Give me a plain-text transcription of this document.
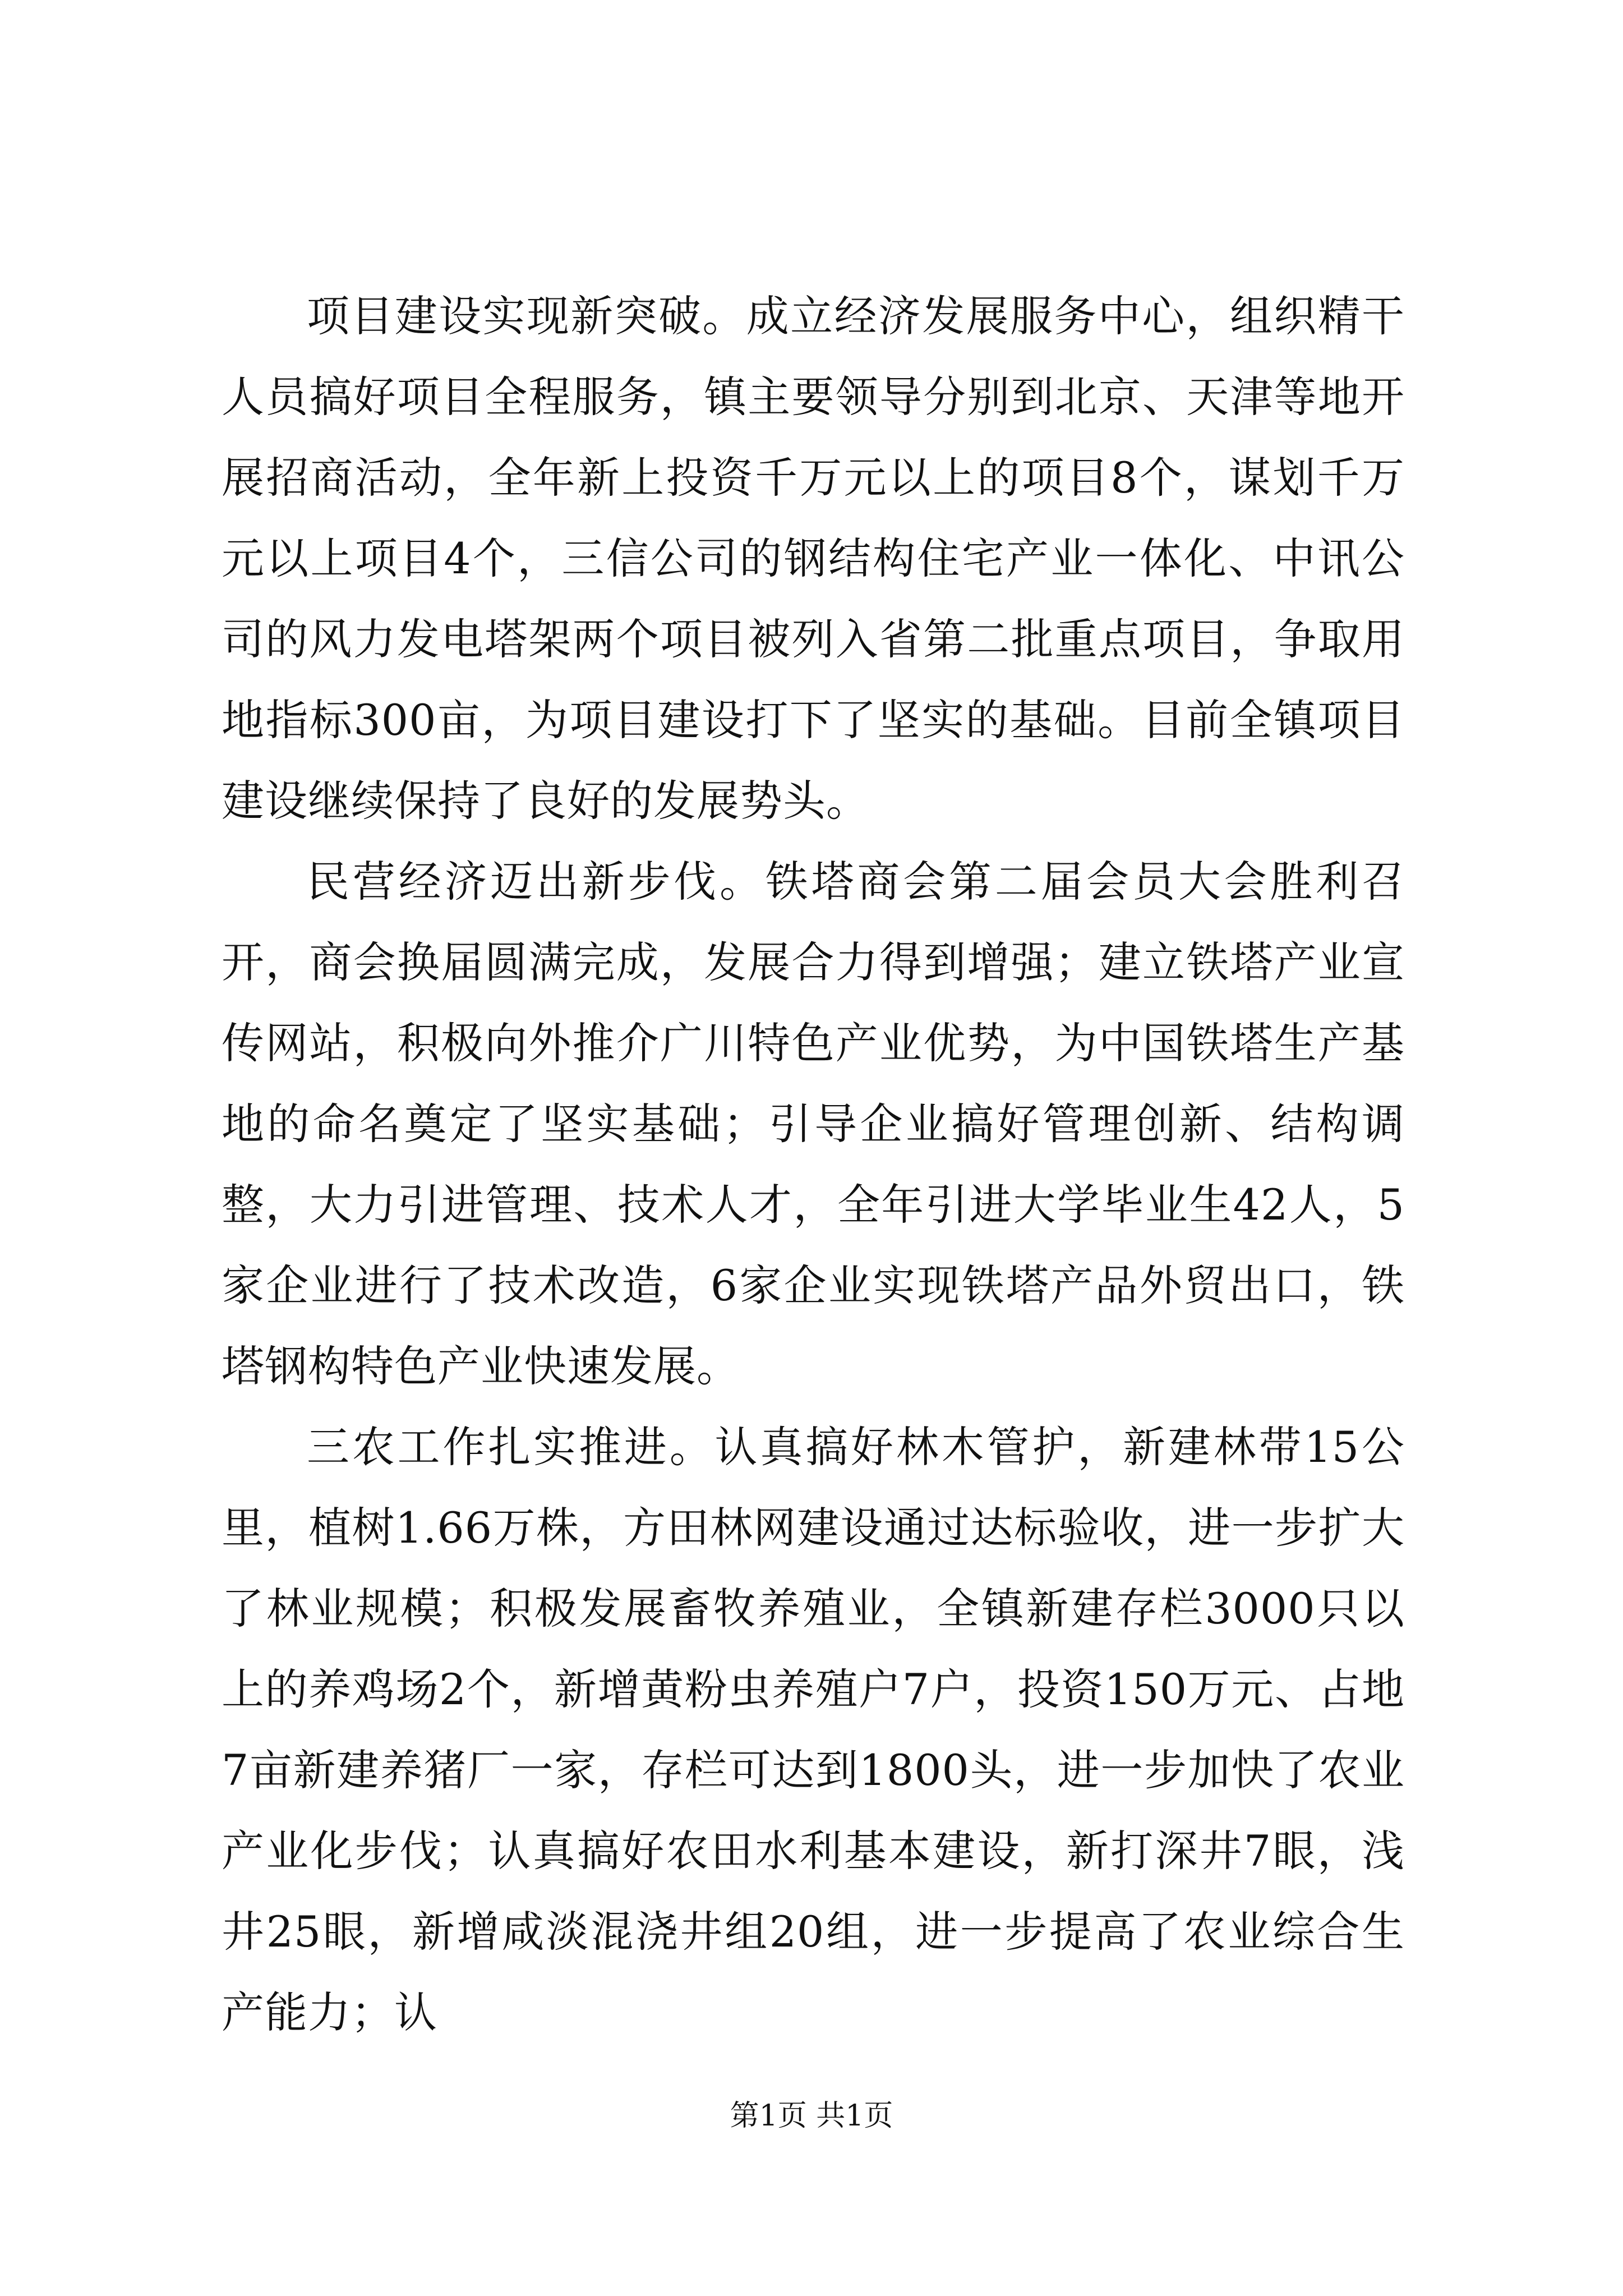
项目建设实现新突破。成立经济发展服务中心，组织精干人员搞好项目全程服务，镇主要领导分别到北京、天津等地开展招商活动，全年新上投资千万元以上的项目8个，谋划千万元以上项目4个，三信公司的钢结构住宅产业一体化、中讯公司的风力发电塔架两个项目被列入省第二批重点项目，争取用地指标300亩，为项目建设打下了坚实的基础。目前全镇项目建设继续保持了良好的发展势头。

民营经济迈出新步伐。铁塔商会第二届会员大会胜利召开，商会换届圆满完成，发展合力得到增强；建立铁塔产业宣传网站，积极向外推介广川特色产业优势，为中国铁塔生产基地的命名奠定了坚实基础；引导企业搞好管理创新、结构调整，大力引进管理、技术人才，全年引进大学毕业生42人，5家企业进行了技术改造，6家企业实现铁塔产品外贸出口，铁塔钢构特色产业快速发展。

三农工作扎实推进。认真搞好林木管护，新建林带15公里，植树1.66万株，方田林网建设通过达标验收，进一步扩大了林业规模；积极发展畜牧养殖业，全镇新建存栏3000只以上的养鸡场2个，新增黄粉虫养殖户7户，投资150万元、占地7亩新建养猪厂一家，存栏可达到1800头，进一步加快了农业产业化步伐；认真搞好农田水利基本建设，新打深井7眼，浅井25眼，新增咸淡混浇井组20组，进一步提高了农业综合生产能力；认

第1页 共1页
